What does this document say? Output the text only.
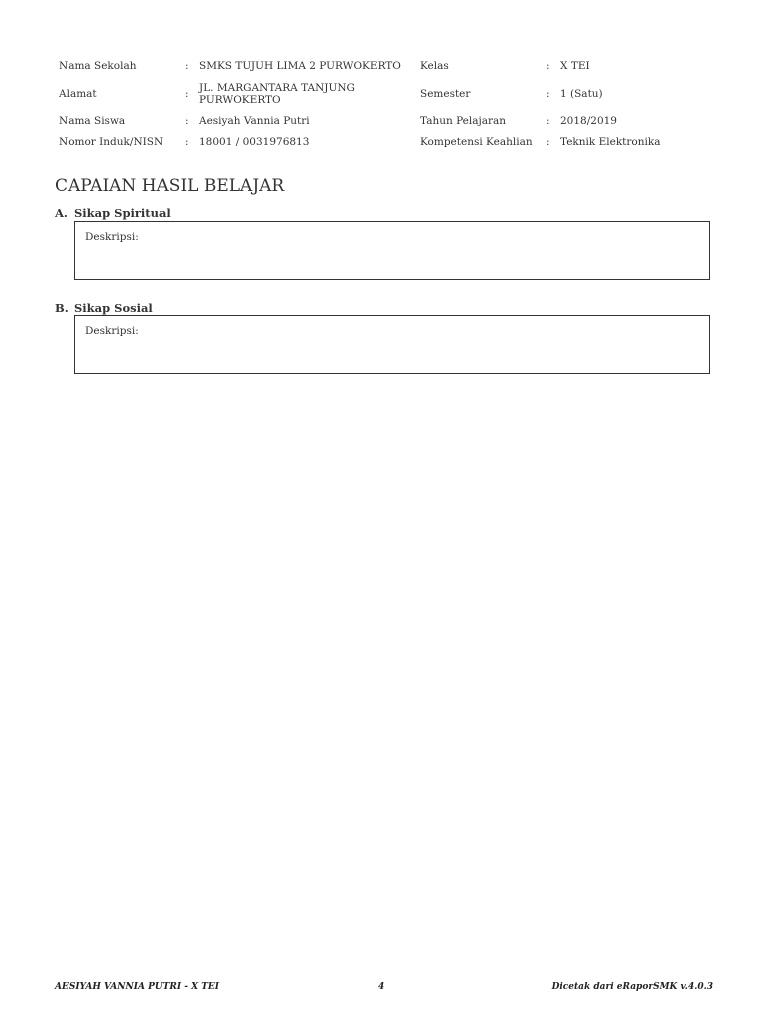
Nama Sekolah	:	SMKS TUJUH LIMA 2 PURWOKERTO	Kelas	:	X TEI
Alamat	:	JL. MARGANTARA TANJUNG PURWOKERTO	Semester	:	1 (Satu)
Nama Siswa	:	Aesiyah Vannia Putri	Tahun Pelajaran	:	2018/2019
Nomor Induk/NISN	:	18001 / 0031976813	Kompetensi Keahlian	:	Teknik Elektronika
CAPAIAN HASIL BELAJAR
A. Sikap Spiritual
Deskripsi:
B. Sikap Sosial
Deskripsi:
AESIYAH VANNIA PUTRI - X TEI	4	Dicetak dari eRaporSMK v.4.0.3
